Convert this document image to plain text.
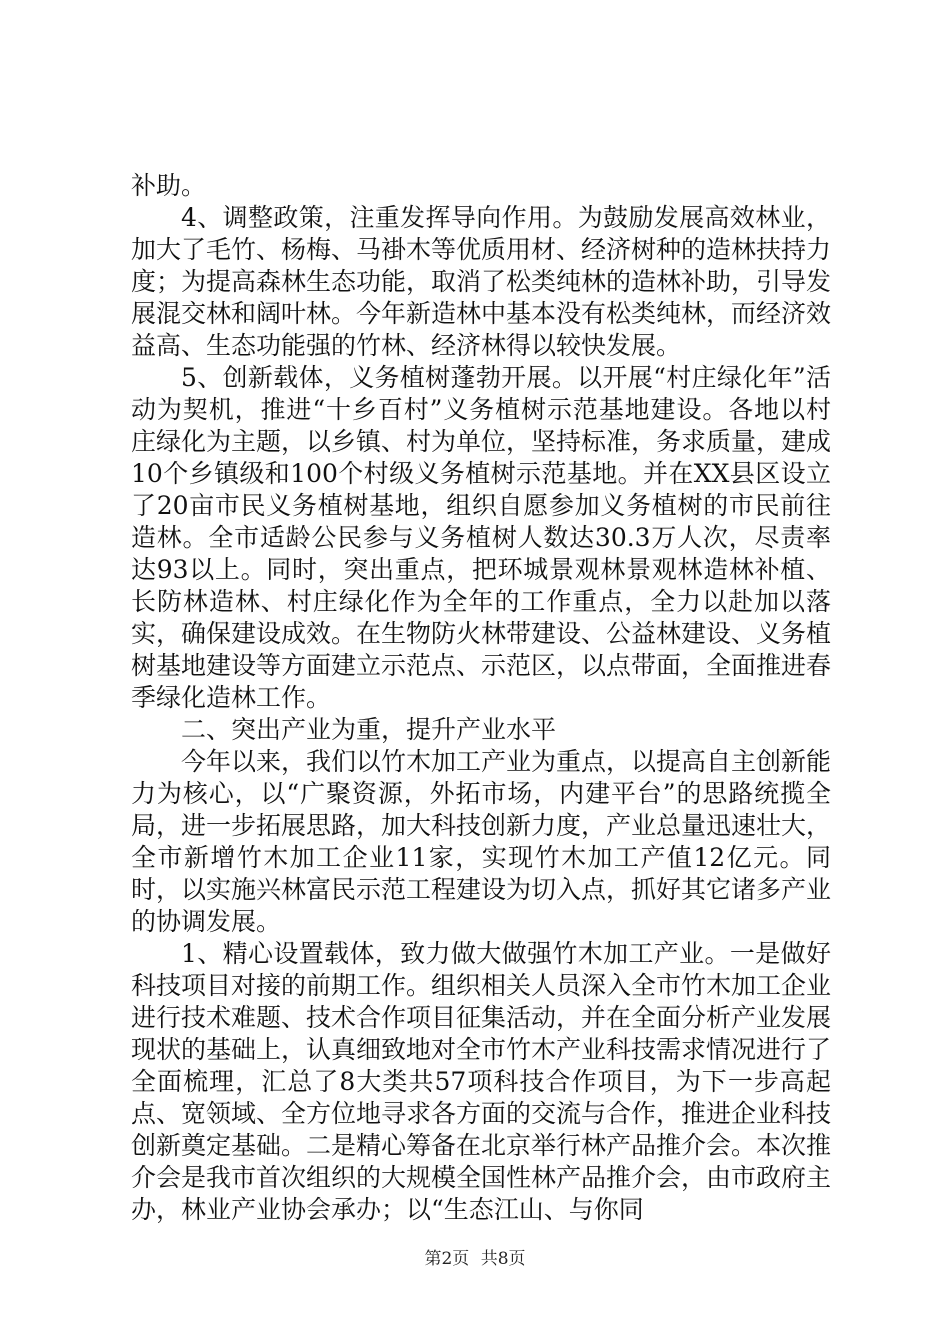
补助。

4、调整政策，注重发挥导向作用。为鼓励发展高效林业，加大了毛竹、杨梅、马褂木等优质用材、经济树种的造林扶持力度；为提高森林生态功能，取消了松类纯林的造林补助，引导发展混交林和阔叶林。今年新造林中基本没有松类纯林，而经济效益高、生态功能强的竹林、经济林得以较快发展。

5、创新载体，义务植树蓬勃开展。以开展“村庄绿化年”活动为契机，推进“十乡百村”义务植树示范基地建设。各地以村庄绿化为主题，以乡镇、村为单位，坚持标准，务求质量，建成10个乡镇级和100个村级义务植树示范基地。并在XX县区设立了20亩市民义务植树基地，组织自愿参加义务植树的市民前往造林。全市适龄公民参与义务植树人数达30.3万人次，尽责率达93以上。同时，突出重点，把环城景观林景观林造林补植、长防林造林、村庄绿化作为全年的工作重点，全力以赴加以落实，确保建设成效。在生物防火林带建设、公益林建设、义务植树基地建设等方面建立示范点、示范区，以点带面，全面推进春季绿化造林工作。

二、突出产业为重，提升产业水平

今年以来，我们以竹木加工产业为重点，以提高自主创新能力为核心，以“广聚资源，外拓市场，内建平台”的思路统揽全局，进一步拓展思路，加大科技创新力度，产业总量迅速壮大，全市新增竹木加工企业11家，实现竹木加工产值12亿元。同时，以实施兴林富民示范工程建设为切入点，抓好其它诸多产业的协调发展。

1、精心设置载体，致力做大做强竹木加工产业。一是做好科技项目对接的前期工作。组织相关人员深入全市竹木加工企业进行技术难题、技术合作项目征集活动，并在全面分析产业发展现状的基础上，认真细致地对全市竹木产业科技需求情况进行了全面梳理，汇总了8大类共57项科技合作项目，为下一步高起点、宽领域、全方位地寻求各方面的交流与合作，推进企业科技创新奠定基础。二是精心筹备在北京举行林产品推介会。本次推介会是我市首次组织的大规模全国性林产品推介会，由市政府主办，林业产业协会承办；以“生态江山、与你同

第2页 共8页
